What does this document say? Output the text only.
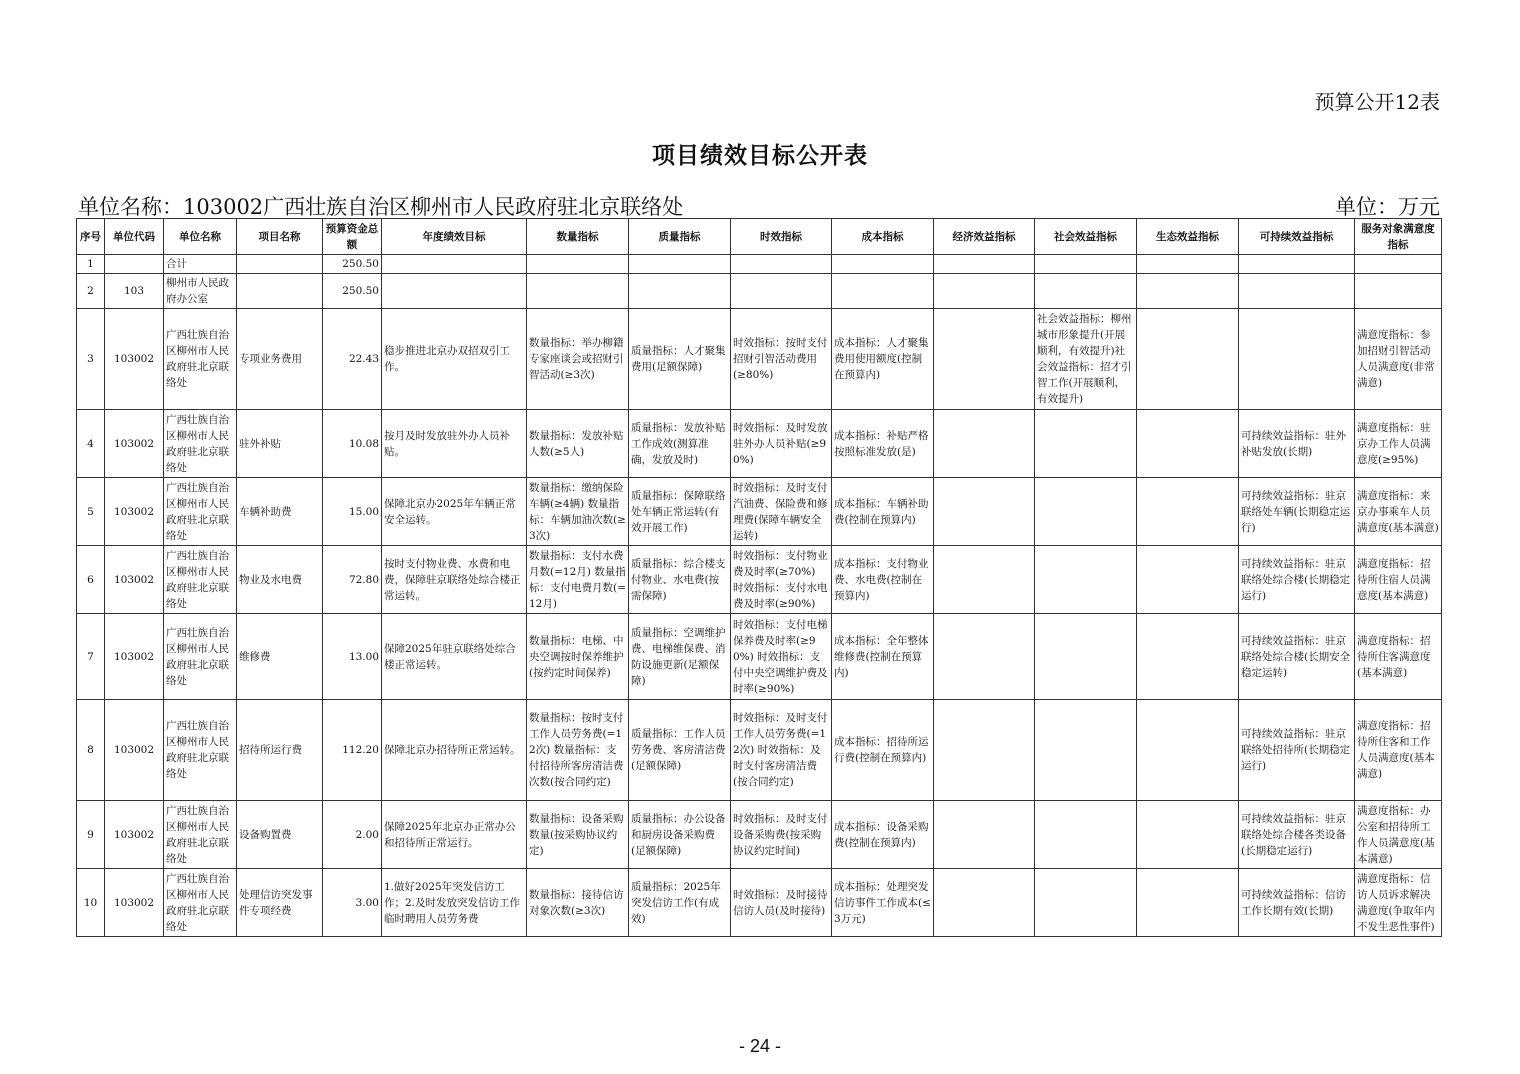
预算公开12表
项目绩效目标公开表
单位名称：103002广西壮族自治区柳州市人民政府驻北京联络处	单位：万元
序号	单位代码	单位名称	项目名称	预算资金总额	年度绩效目标	数量指标	质量指标	时效指标	成本指标	经济效益指标	社会效益指标	生态效益指标	可持续效益指标	服务对象满意度指标
1		合计		250.50										
2	103	柳州市人民政府办公室		250.50										
3	103002	广西壮族自治区柳州市人民政府驻北京联络处	专项业务费用	22.43	稳步推进北京办双招双引工作。	数量指标：举办柳籍专家座谈会或招财引智活动(≥3次)	质量指标：人才聚集费用(足额保障)	时效指标：按时支付招财引智活动费用(≥80%)	成本指标：人才聚集费用使用额度(控制在预算内)		社会效益指标：柳州城市形象提升(开展顺利，有效提升)社会效益指标：招才引智工作(开展顺利，有效提升)			满意度指标：参加招财引智活动人员满意度(非常满意)
4	103002	广西壮族自治区柳州市人民政府驻北京联络处	驻外补贴	10.08	按月及时发放驻外办人员补贴。	数量指标：发放补贴人数(≥5人)	质量指标：发放补贴工作成效(测算准确，发放及时)	时效指标：及时发放驻外办人员补贴(≥90%)	成本指标：补贴严格按照标准发放(是)				可持续效益指标：驻外补贴发放(长期)	满意度指标：驻京办工作人员满意度(≥95%)
5	103002	广西壮族自治区柳州市人民政府驻北京联络处	车辆补助费	15.00	保障北京办2025年车辆正常安全运转。	数量指标：缴纳保险车辆(≥4辆) 数量指标：车辆加油次数(≥3次)	质量指标：保障联络处车辆正常运转(有效开展工作)	时效指标：及时支付汽油费、保险费和修理费(保障车辆安全运转)	成本指标：车辆补助费(控制在预算内)				可持续效益指标：驻京联络处车辆(长期稳定运行)	满意度指标：来京办事乘车人员满意度(基本满意)
6	103002	广西壮族自治区柳州市人民政府驻北京联络处	物业及水电费	72.80	按时支付物业费、水费和电费，保障驻京联络处综合楼正常运转。	数量指标：支付水费月数(=12月) 数量指标：支付电费月数(=12月)	质量指标：综合楼支付物业、水电费(按需保障)	时效指标：支付物业费及时率(≥70%) 时效指标：支付水电费及时率(≥90%)	成本指标：支付物业费、水电费(控制在预算内)				可持续效益指标：驻京联络处综合楼(长期稳定运行)	满意度指标：招待所住宿人员满意度(基本满意)
7	103002	广西壮族自治区柳州市人民政府驻北京联络处	维修费	13.00	保障2025年驻京联络处综合楼正常运转。	数量指标：电梯、中央空调按时保养维护(按约定时间保养)	质量指标：空调维护费、电梯维保费、消防设施更新(足额保障)	时效指标：支付电梯保养费及时率(≥90%) 时效指标：支付中央空调维护费及时率(≥90%)	成本指标：全年整体维修费(控制在预算内)				可持续效益指标：驻京联络处综合楼(长期安全稳定运转)	满意度指标：招待所住客满意度(基本满意)
8	103002	广西壮族自治区柳州市人民政府驻北京联络处	招待所运行费	112.20	保障北京办招待所正常运转。	数量指标：按时支付工作人员劳务费(=12次) 数量指标：支付招待所客房清洁费次数(按合同约定)	质量指标：工作人员劳务费、客房清洁费(足额保障)	时效指标：及时支付工作人员劳务费(=12次) 时效指标：及时支付客房清洁费(按合同约定)	成本指标：招待所运行费(控制在预算内)				可持续效益指标：驻京联络处招待所(长期稳定运行)	满意度指标：招待所住客和工作人员满意度(基本满意)
9	103002	广西壮族自治区柳州市人民政府驻北京联络处	设备购置费	2.00	保障2025年北京办正常办公和招待所正常运行。	数量指标：设备采购数量(按采购协议约定)	质量指标：办公设备和厨房设备采购费(足额保障)	时效指标：及时支付设备采购费(按采购协议约定时间)	成本指标：设备采购费(控制在预算内)				可持续效益指标：驻京联络处综合楼各类设备(长期稳定运行)	满意度指标：办公室和招待所工作人员满意度(基本满意)
10	103002	广西壮族自治区柳州市人民政府驻北京联络处	处理信访突发事件专项经费	3.00	1.做好2025年突发信访工作；2.及时发放突发信访工作临时聘用人员劳务费	数量指标：接待信访对象次数(≥3次)	质量指标：2025年突发信访工作(有成效)	时效指标：及时接待信访人员(及时接待)	成本指标：处理突发信访事件工作成本(≤3万元)				可持续效益指标：信访工作长期有效(长期)	满意度指标：信访人员诉求解决满意度(争取年内不发生恶性事件)
- 24 -
